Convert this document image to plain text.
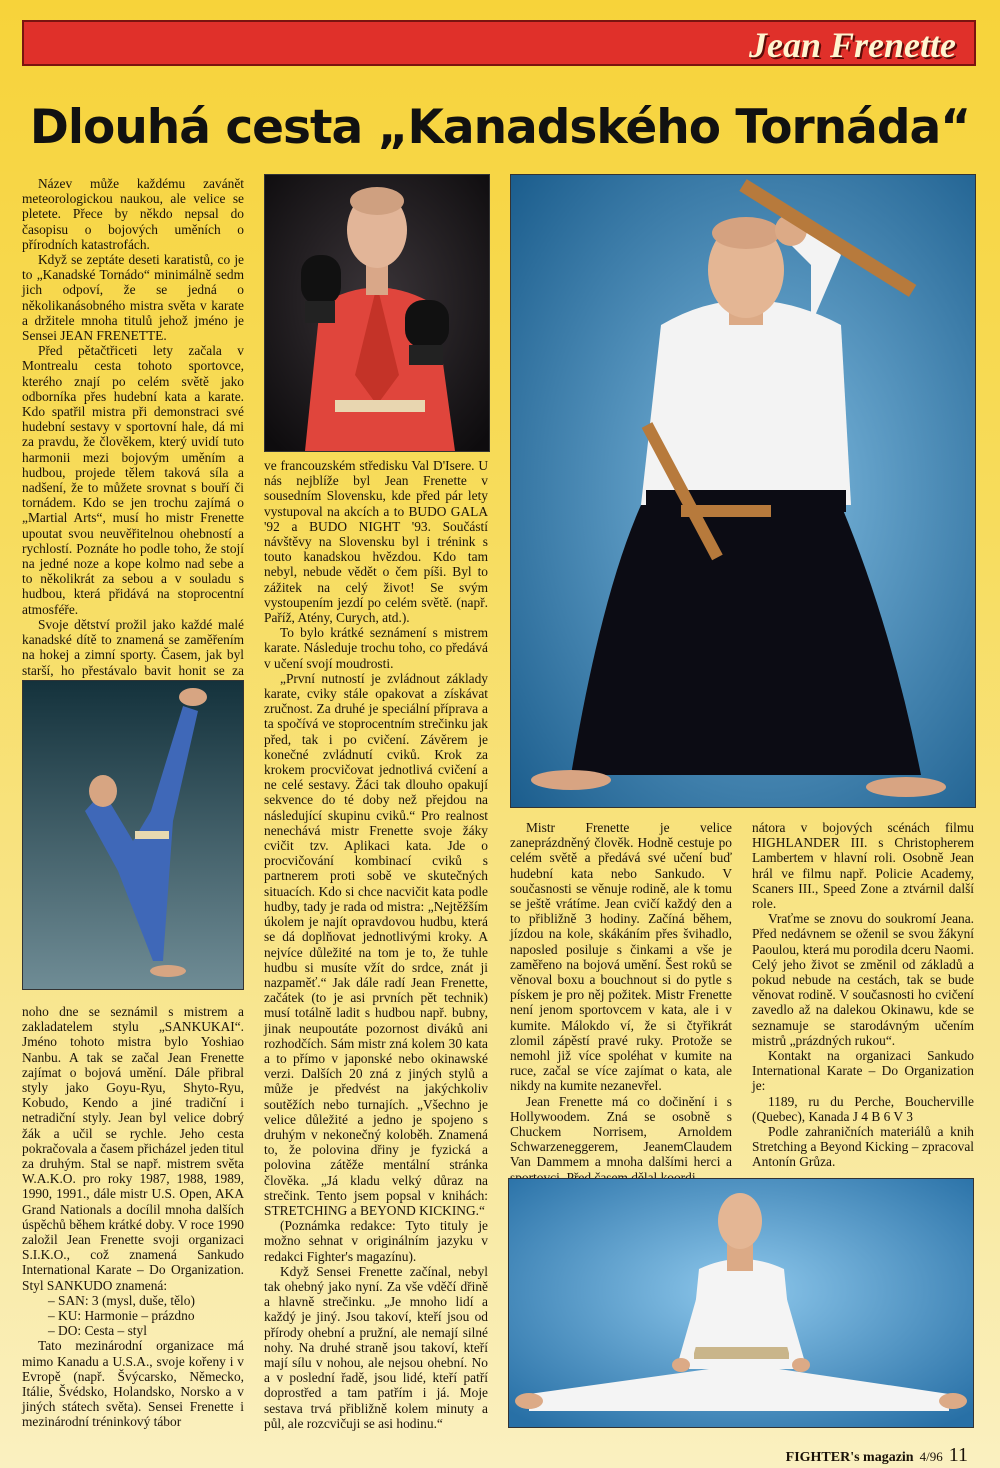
Jean Frenette
Dlouhá cesta „Kanadského Tornáda“

Název může každému zavánět meteorologickou naukou, ale velice se pletete. Přece by někdo nepsal do časopisu o bojových uměních o přírodních katastrofách.

Když se zeptáte deseti karatistů, co je to „Kanadské Tornádo“ minimálně sedm jich odpoví, že se jedná o několikanásobného mistra světa v karate a držitele mnoha titulů jehož jméno je Sensei JEAN FRENETTE.

Před pětačtřiceti lety začala v Montrealu cesta tohoto sportovce, kterého znají po celém světě jako odborníka přes hudební kata a karate. Kdo spatřil mistra při demonstraci své hudební sestavy v sportovní hale, dá mi za pravdu, že člověkem, který uvidí tuto harmonii mezi bojovým uměním a hudbou, projede tělem taková síla a nadšení, že to můžete srovnat s bouří či tornádem. Kdo se jen trochu zajímá o „Martial Arts“, musí ho mistr Frenette upoutat svou neuvěřitelnou ohebností a rychlostí. Poznáte ho podle toho, že stojí na jedné noze a kope kolmo nad sebe a to několikrát za sebou a v souladu s hudbou, která přidává na stoprocentní atmosféře.

Svoje dětství prožil jako každé malé kanadské dítě to znamená se zaměřením na hokej a zimní sporty. Časem, jak byl starší, ho přestávalo bavit honit se za

noho dne se seznámil s mistrem a zakladatelem stylu „SANKUKAI“. Jméno tohoto mistra bylo Yoshiao Nanbu. A tak se začal Jean Frenette zajímat o bojová umění. Dále přibral styly jako Goyu-Ryu, Shyto-Ryu, Kobudo, Kendo a jiné tradiční i netradiční styly. Jean byl velice dobrý žák a učil se rychle. Jeho cesta pokračovala a časem přicházel jeden titul za druhým. Stal se např. mistrem světa W.A.K.O. pro roky 1987, 1988, 1989, 1990, 1991., dále mistr U.S. Open, AKA Grand Nationals a docílil mnoha dalších úspěchů během krátké doby. V roce 1990 založil Jean Frenette svoji organizaci S.I.K.O., což znamená Sankudo International Karate – Do Organization. Styl SANKUDO znamená:

– SAN: 3 (mysl, duše, tělo)
– KU: Harmonie – prázdno
– DO: Cesta – styl

Tato mezinárodní organizace má mimo Kanadu a U.S.A., svoje kořeny i v Evropě (např. Švýcarsko, Německo, Itálie, Švédsko, Holandsko, Norsko a v jiných státech světa). Sensei Frenette i mezinárodní tréninkový tábor

ve francouzském středisku Val D'Isere. U nás nejblíže byl Jean Frenette v sousedním Slovensku, kde před pár lety vystupoval na akcích a to BUDO GALA '92 a BUDO NIGHT '93. Součástí návštěvy na Slovensku byl i trénink s touto kanadskou hvězdou. Kdo tam nebyl, nebude vědět o čem píši. Byl to zážitek na celý život! Se svým vystoupením jezdí po celém světě. (např. Paříž, Atény, Curych, atd.).

To bylo krátké seznámení s mistrem karate. Následuje trochu toho, co předává v učení svojí moudrosti.

„První nutností je zvládnout základy karate, cviky stále opakovat a získávat zručnost. Za druhé je speciální příprava a ta spočívá ve stoprocentním strečinku jak před, tak i po cvičení. Závěrem je konečné zvládnutí cviků. Krok za krokem procvičovat jednotlivá cvičení a ne celé sestavy. Žáci tak dlouho opakují sekvence do té doby než přejdou na následující skupinu cviků.“ Pro realnost nenechává mistr Frenette svoje žáky cvičit tzv. Aplikaci kata. Jde o procvičování kombinací cviků s partnerem proti sobě ve skutečných situacích. Kdo si chce nacvičit kata podle hudby, tady je rada od mistra: „Nejtěžším úkolem je najít opravdovou hudbu, která se dá doplňovat jednotlivými kroky. A nejvíce důležité na tom je to, že tuhle hudbu si musíte vžít do srdce, znát ji nazpaměť.“ Jak dále radí Jean Frenette, začátek (to je asi prvních pět technik) musí totálně ladit s hudbou např. bubny, jinak neupoutáte pozornost diváků ani rozhodčích. Sám mistr zná kolem 30 kata a to přímo v japonské nebo okinawské verzi. Dalších 20 zná z jiných stylů a může je předvést na jakýchkoliv soutěžích nebo turnajích. „Všechno je velice důležité a jedno je spojeno s druhým v nekonečný koloběh. Znamená to, že polovina dřiny je fyzická a polovina zátěže mentální stránka člověka. „Já kladu velký důraz na strečink. Tento jsem popsal v knihách: STRETCHING a BEYOND KICKING.“

(Poznámka redakce: Tyto tituly je možno sehnat v originálním jazyku v redakci Fighter's magazínu).

Když Sensei Frenette začínal, nebyl tak ohebný jako nyní. Za vše vděčí dřině a hlavně strečinku. „Je mnoho lidí a každý je jiný. Jsou takoví, kteří jsou od přírody ohební a pružní, ale nemají silné nohy. Na druhé straně jsou takoví, kteří mají sílu v nohou, ale nejsou ohební. No a v poslední řadě, jsou lidé, kteří patří doprostřed a tam patřím i já. Moje sestava trvá přibližně kolem minuty a půl, ale rozcvičuji se asi hodinu.“

Mistr Frenette je velice zaneprázdněný člověk. Hodně cestuje po celém světě a předává své učení buď hudební kata nebo Sankudo. V současnosti se věnuje rodině, ale k tomu se ještě vrátíme. Jean cvičí každý den a to přibližně 3 hodiny. Začíná během, jízdou na kole, skákáním přes švihadlo, naposled posiluje s činkami a vše je zaměřeno na bojová umění. Šest roků se věnoval boxu a bouchnout si do pytle s pískem je pro něj požitek. Mistr Frenette není jenom sportovcem v kata, ale i v kumite. Málokdo ví, že si čtyřikrát zlomil zápěstí pravé ruky. Protože se nemohl již více spoléhat v kumite na ruce, začal se více zajímat o kata, ale nikdy na kumite nezanevřel.

Jean Frenette má co dočinění i s Hollywoodem. Zná se osobně s Chuckem Norrisem, Arnoldem Schwarzeneggerem, JeanemClaudem Van Dammem a mnoha dalšími herci a

nátora v bojových scénách filmu HIGHLANDER III. s Christopherem Lambertem v hlavní roli. Osobně Jean hrál ve filmu např. Policie Academy, Scaners III., Speed Zone a ztvárnil další role.

Vraťme se znovu do soukromí Jeana. Před nedávnem se oženil se svou žákyní Paoulou, která mu porodila dceru Naomi. Celý jeho život se změnil od základů a pokud nebude na cestách, tak se bude věnovat rodině. V současnosti ho cvičení zavedlo až na dalekou Okinawu, kde se seznamuje se starodávným učením mistrů „prázdných rukou“.

Kontakt na organizaci Sankudo International Karate – Do Organization je:

1189, ru du Perche, Boucherville (Quebec), Kanada J 4 B 6 V 3

Podle zahraničních materiálů a knih Stretching a Beyond Kicking – zpracoval Antonín Grůza.

FIGHTER's magazin 4/96 11
